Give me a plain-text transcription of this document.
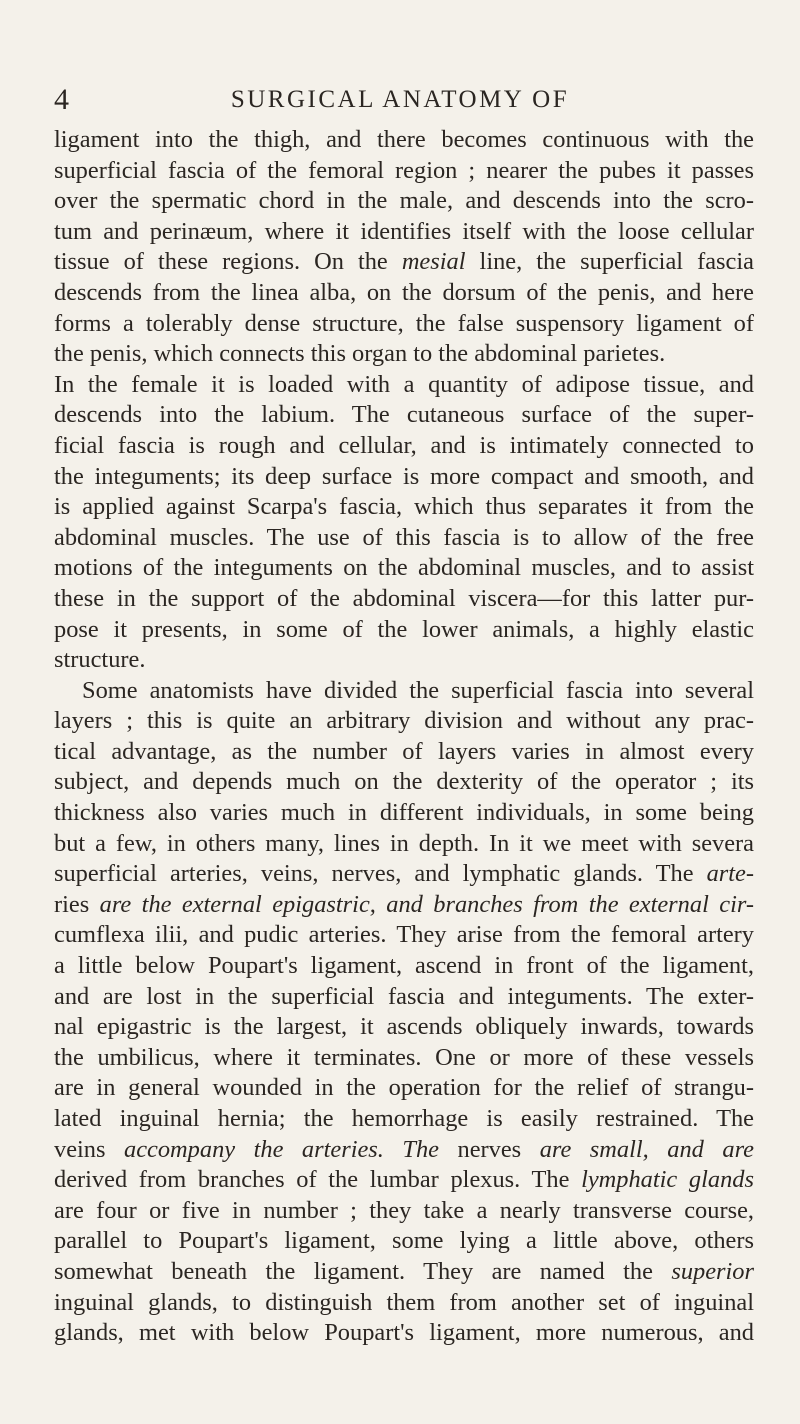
4	SURGICAL ANATOMY OF
ligament into the thigh, and there becomes continuous with the
superficial fascia of the femoral region ; nearer the pubes it passes
over the spermatic chord in the male, and descends into the scro-
tum and perinæum, where it identifies itself with the loose cellular
tissue of these regions. On the mesial line, the superficial fascia
descends from the linea alba, on the dorsum of the penis, and here
forms a tolerably dense structure, the false suspensory ligament of
the penis, which connects this organ to the abdominal parietes.
In the female it is loaded with a quantity of adipose tissue, and
descends into the labium. The cutaneous surface of the super-
ficial fascia is rough and cellular, and is intimately connected to
the integuments; its deep surface is more compact and smooth, and
is applied against Scarpa's fascia, which thus separates it from the
abdominal muscles. The use of this fascia is to allow of the free
motions of the integuments on the abdominal muscles, and to assist
these in the support of the abdominal viscera—for this latter pur-
pose it presents, in some of the lower animals, a highly elastic
structure.
Some anatomists have divided the superficial fascia into several
layers ; this is quite an arbitrary division and without any prac-
tical advantage, as the number of layers varies in almost every
subject, and depends much on the dexterity of the operator ; its
thickness also varies much in different individuals, in some being
but a few, in others many, lines in depth. In it we meet with severa
superficial arteries, veins, nerves, and lymphatic glands. The arte-
ries are the external epigastric, and branches from the external cir-
cumflexa ilii, and pudic arteries. They arise from the femoral artery
a little below Poupart's ligament, ascend in front of the ligament,
and are lost in the superficial fascia and integuments. The exter-
nal epigastric is the largest, it ascends obliquely inwards, towards
the umbilicus, where it terminates. One or more of these vessels
are in general wounded in the operation for the relief of strangu-
lated inguinal hernia; the hemorrhage is easily restrained. The
veins accompany the arteries. The nerves are small, and are
derived from branches of the lumbar plexus. The lymphatic glands
are four or five in number ; they take a nearly transverse course,
parallel to Poupart's ligament, some lying a little above, others
somewhat beneath the ligament. They are named the superior
inguinal glands, to distinguish them from another set of inguinal
glands, met with below Poupart's ligament, more numerous, and
